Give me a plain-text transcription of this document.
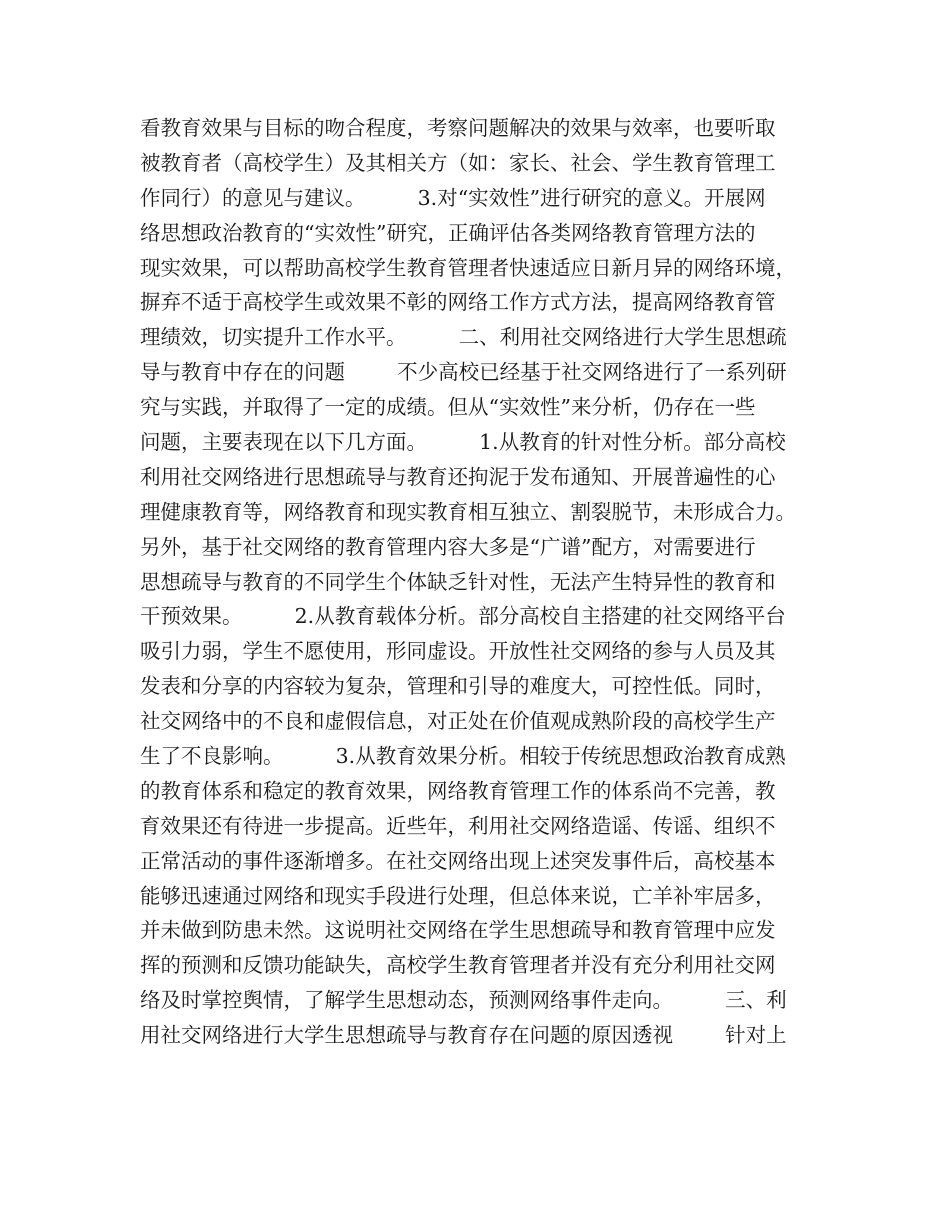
看教育效果与目标的吻合程度，考察问题解决的效果与效率，也要听取
被教育者（高校学生）及其相关方（如：家长、社会、学生教育管理工
作同行）的意见与建议。        3.对“实效性”进行研究的意义。开展网
络思想政治教育的“实效性”研究，正确评估各类网络教育管理方法的
现实效果，可以帮助高校学生教育管理者快速适应日新月异的网络环境，
摒弃不适于高校学生或效果不彰的网络工作方式方法，提高网络教育管
理绩效，切实提升工作水平。        二、利用社交网络进行大学生思想疏
导与教育中存在的问题        不少高校已经基于社交网络进行了一系列研
究与实践，并取得了一定的成绩。但从“实效性”来分析，仍存在一些
问题，主要表现在以下几方面。        1.从教育的针对性分析。部分高校
利用社交网络进行思想疏导与教育还拘泥于发布通知、开展普遍性的心
理健康教育等，网络教育和现实教育相互独立、割裂脱节，未形成合力。
另外，基于社交网络的教育管理内容大多是“广谱”配方，对需要进行
思想疏导与教育的不同学生个体缺乏针对性，无法产生特异性的教育和
干预效果。        2.从教育载体分析。部分高校自主搭建的社交网络平台
吸引力弱，学生不愿使用，形同虚设。开放性社交网络的参与人员及其
发表和分享的内容较为复杂，管理和引导的难度大，可控性低。同时，
社交网络中的不良和虚假信息，对正处在价值观成熟阶段的高校学生产
生了不良影响。        3.从教育效果分析。相较于传统思想政治教育成熟
的教育体系和稳定的教育效果，网络教育管理工作的体系尚不完善，教
育效果还有待进一步提高。近些年，利用社交网络造谣、传谣、组织不
正常活动的事件逐渐增多。在社交网络出现上述突发事件后，高校基本
能够迅速通过网络和现实手段进行处理，但总体来说，亡羊补牢居多，
并未做到防患未然。这说明社交网络在学生思想疏导和教育管理中应发
挥的预测和反馈功能缺失，高校学生教育管理者并没有充分利用社交网
络及时掌控舆情，了解学生思想动态，预测网络事件走向。        三、利
用社交网络进行大学生思想疏导与教育存在问题的原因透视        针对上
